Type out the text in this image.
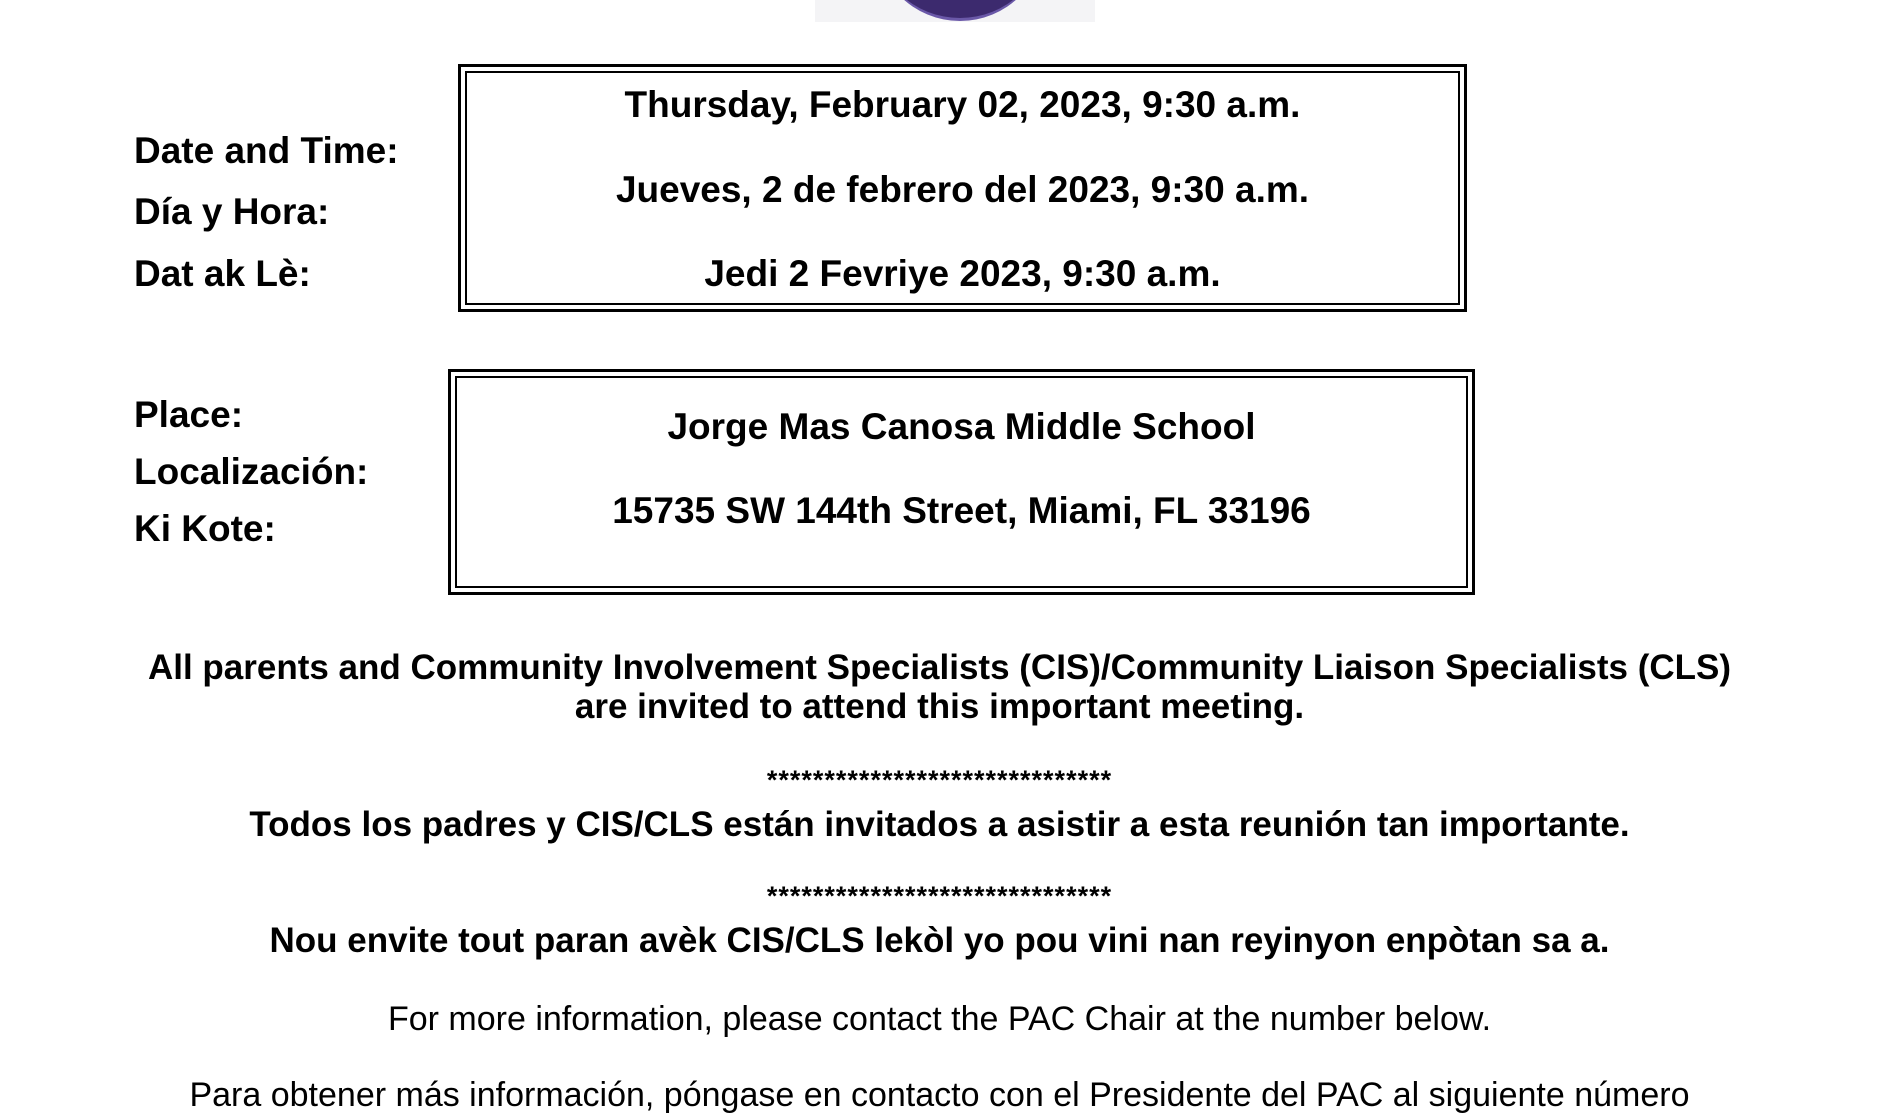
Date and Time:
Día y Hora:
Dat ak Lè:
Thursday, February 02, 2023, 9:30 a.m.
Jueves, 2 de febrero del 2023, 9:30 a.m.
Jedi 2 Fevriye 2023, 9:30 a.m.
Place:
Localización:
Ki Kote:
Jorge Mas Canosa Middle School
15735 SW 144th Street, Miami, FL 33196
All parents and Community Involvement Specialists (CIS)/Community Liaison Specialists (CLS)
are invited to attend this important meeting.
******************************
Todos los padres y CIS/CLS están invitados a asistir a esta reunión tan importante.
******************************
Nou envite tout paran avèk CIS/CLS lekòl yo pou vini nan reyinyon enpòtan sa a.
For more information, please contact the PAC Chair at the number below.
Para obtener más información, póngase en contacto con el Presidente del PAC al siguiente número
